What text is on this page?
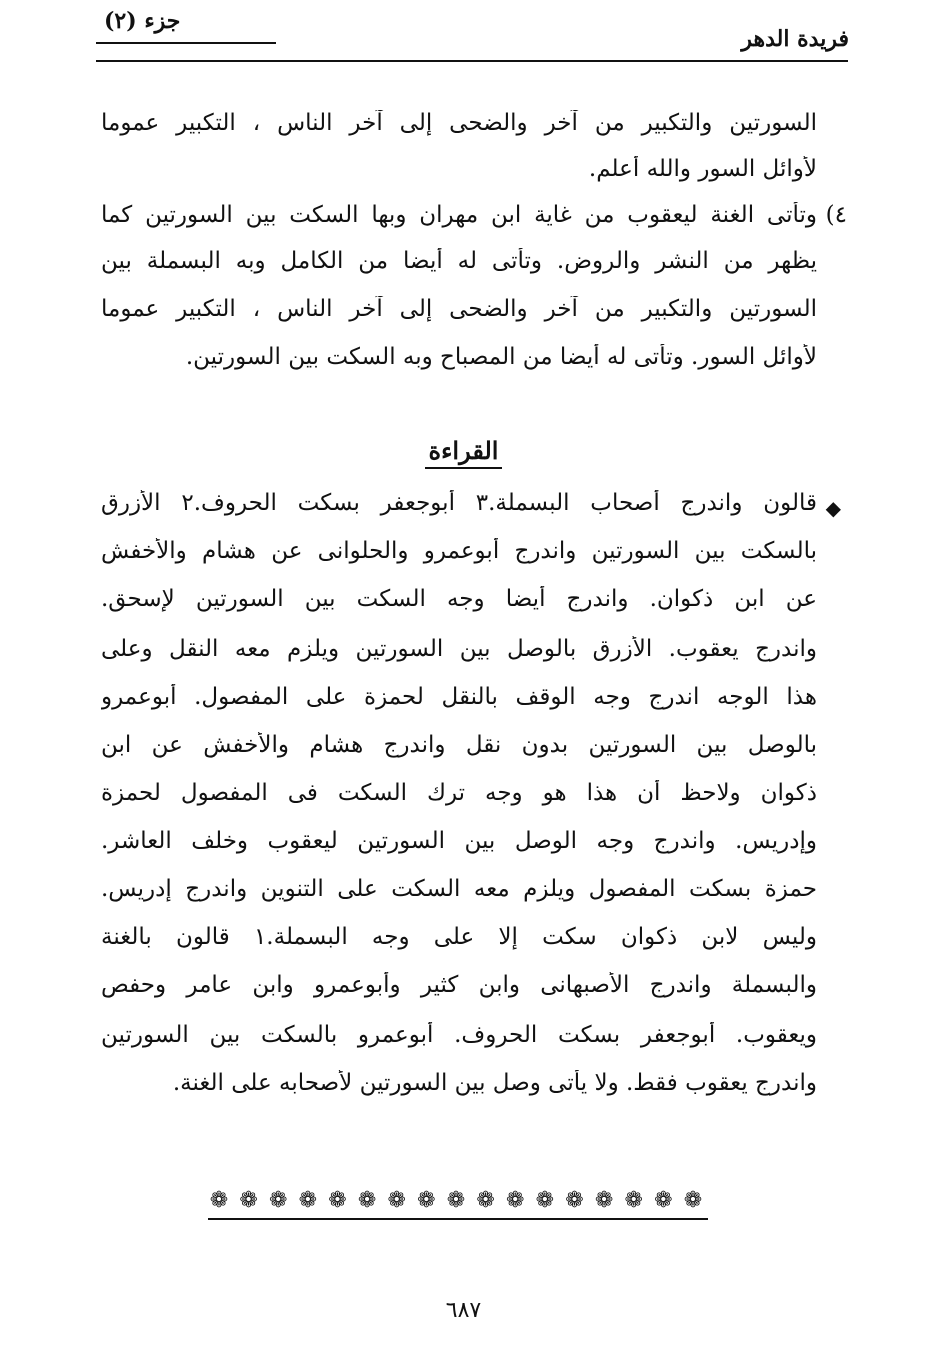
جزء (٢)
فريدة الدهر
السورتين والتكبير من آخر والضحى إلى آخر الناس ، التكبير عموما
لأوائل السور والله أعلم.
٤)
وتأتى الغنة ليعقوب من غاية ابن مهران وبها السكت بين السورتين كما
يظهر من النشر والروض. وتأتى له أيضا من الكامل وبه البسملة بين
السورتين والتكبير من آخر والضحى إلى آخر الناس ، التكبير عموما
لأوائل السور. وتأتى له أيضا من المصباح وبه السكت بين السورتين.
القراءة
◆
قالون واندرج أصحاب البسملة.٣ أبوجعفر بسكت الحروف.٢ الأزرق
بالسكت بين السورتين واندرج أبوعمرو والحلوانى عن هشام والأخفش
عن ابن ذكوان. واندرج أيضا وجه السكت بين السورتين لإسحق.
واندرج يعقوب. الأزرق بالوصل بين السورتين ويلزم معه النقل وعلى
هذا الوجه اندرج وجه الوقف بالنقل لحمزة على المفصول. أبوعمرو
بالوصل بين السورتين بدون نقل واندرج هشام والأخفش عن ابن
ذكوان ولاحظ أن هذا هو وجه ترك السكت فى المفصول لحمزة
وإدريس. واندرج وجه الوصل بين السورتين ليعقوب وخلف العاشر.
حمزة بسكت المفصول ويلزم معه السكت على التنوين واندرج إدريس.
وليس لابن ذكوان سكت إلا على وجه البسملة.١ قالون بالغنة
والبسملة واندرج الأصبهانى وابن كثير وأبوعمرو وابن عامر وحفص
ويعقوب. أبوجعفر بسكت الحروف. أبوعمرو بالسكت بين السورتين
واندرج يعقوب فقط. ولا يأتى وصل بين السورتين لأصحابه على الغنة.
❁ ❁ ❁ ❁ ❁ ❁ ❁ ❁ ❁ ❁ ❁ ❁ ❁ ❁ ❁ ❁ ❁
٦٨٧
